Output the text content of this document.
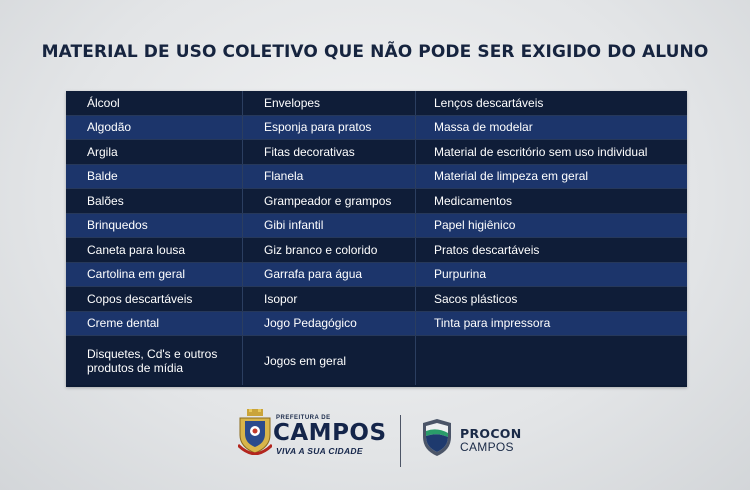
MATERIAL DE USO COLETIVO QUE NÃO PODE SER EXIGIDO DO ALUNO
Álcool	Envelopes	Lenços descartáveis
Algodão	Esponja para pratos	Massa de modelar
Argila	Fitas decorativas	Material de escritório sem uso individual
Balde	Flanela	Material de limpeza em geral
Balões	Grampeador e grampos	Medicamentos
Brinquedos	Gibi infantil	Papel higiênico
Caneta para lousa	Giz branco e colorido	Pratos descartáveis
Cartolina em geral	Garrafa para água	Purpurina
Copos descartáveis	Isopor	Sacos plásticos
Creme dental	Jogo Pedagógico	Tinta para impressora
Disquetes, Cd's e outros produtos de mídia	Jogos em geral
PREFEITURA DE
CAMPOS
VIVA A SUA CIDADE
PROCON
CAMPOS
